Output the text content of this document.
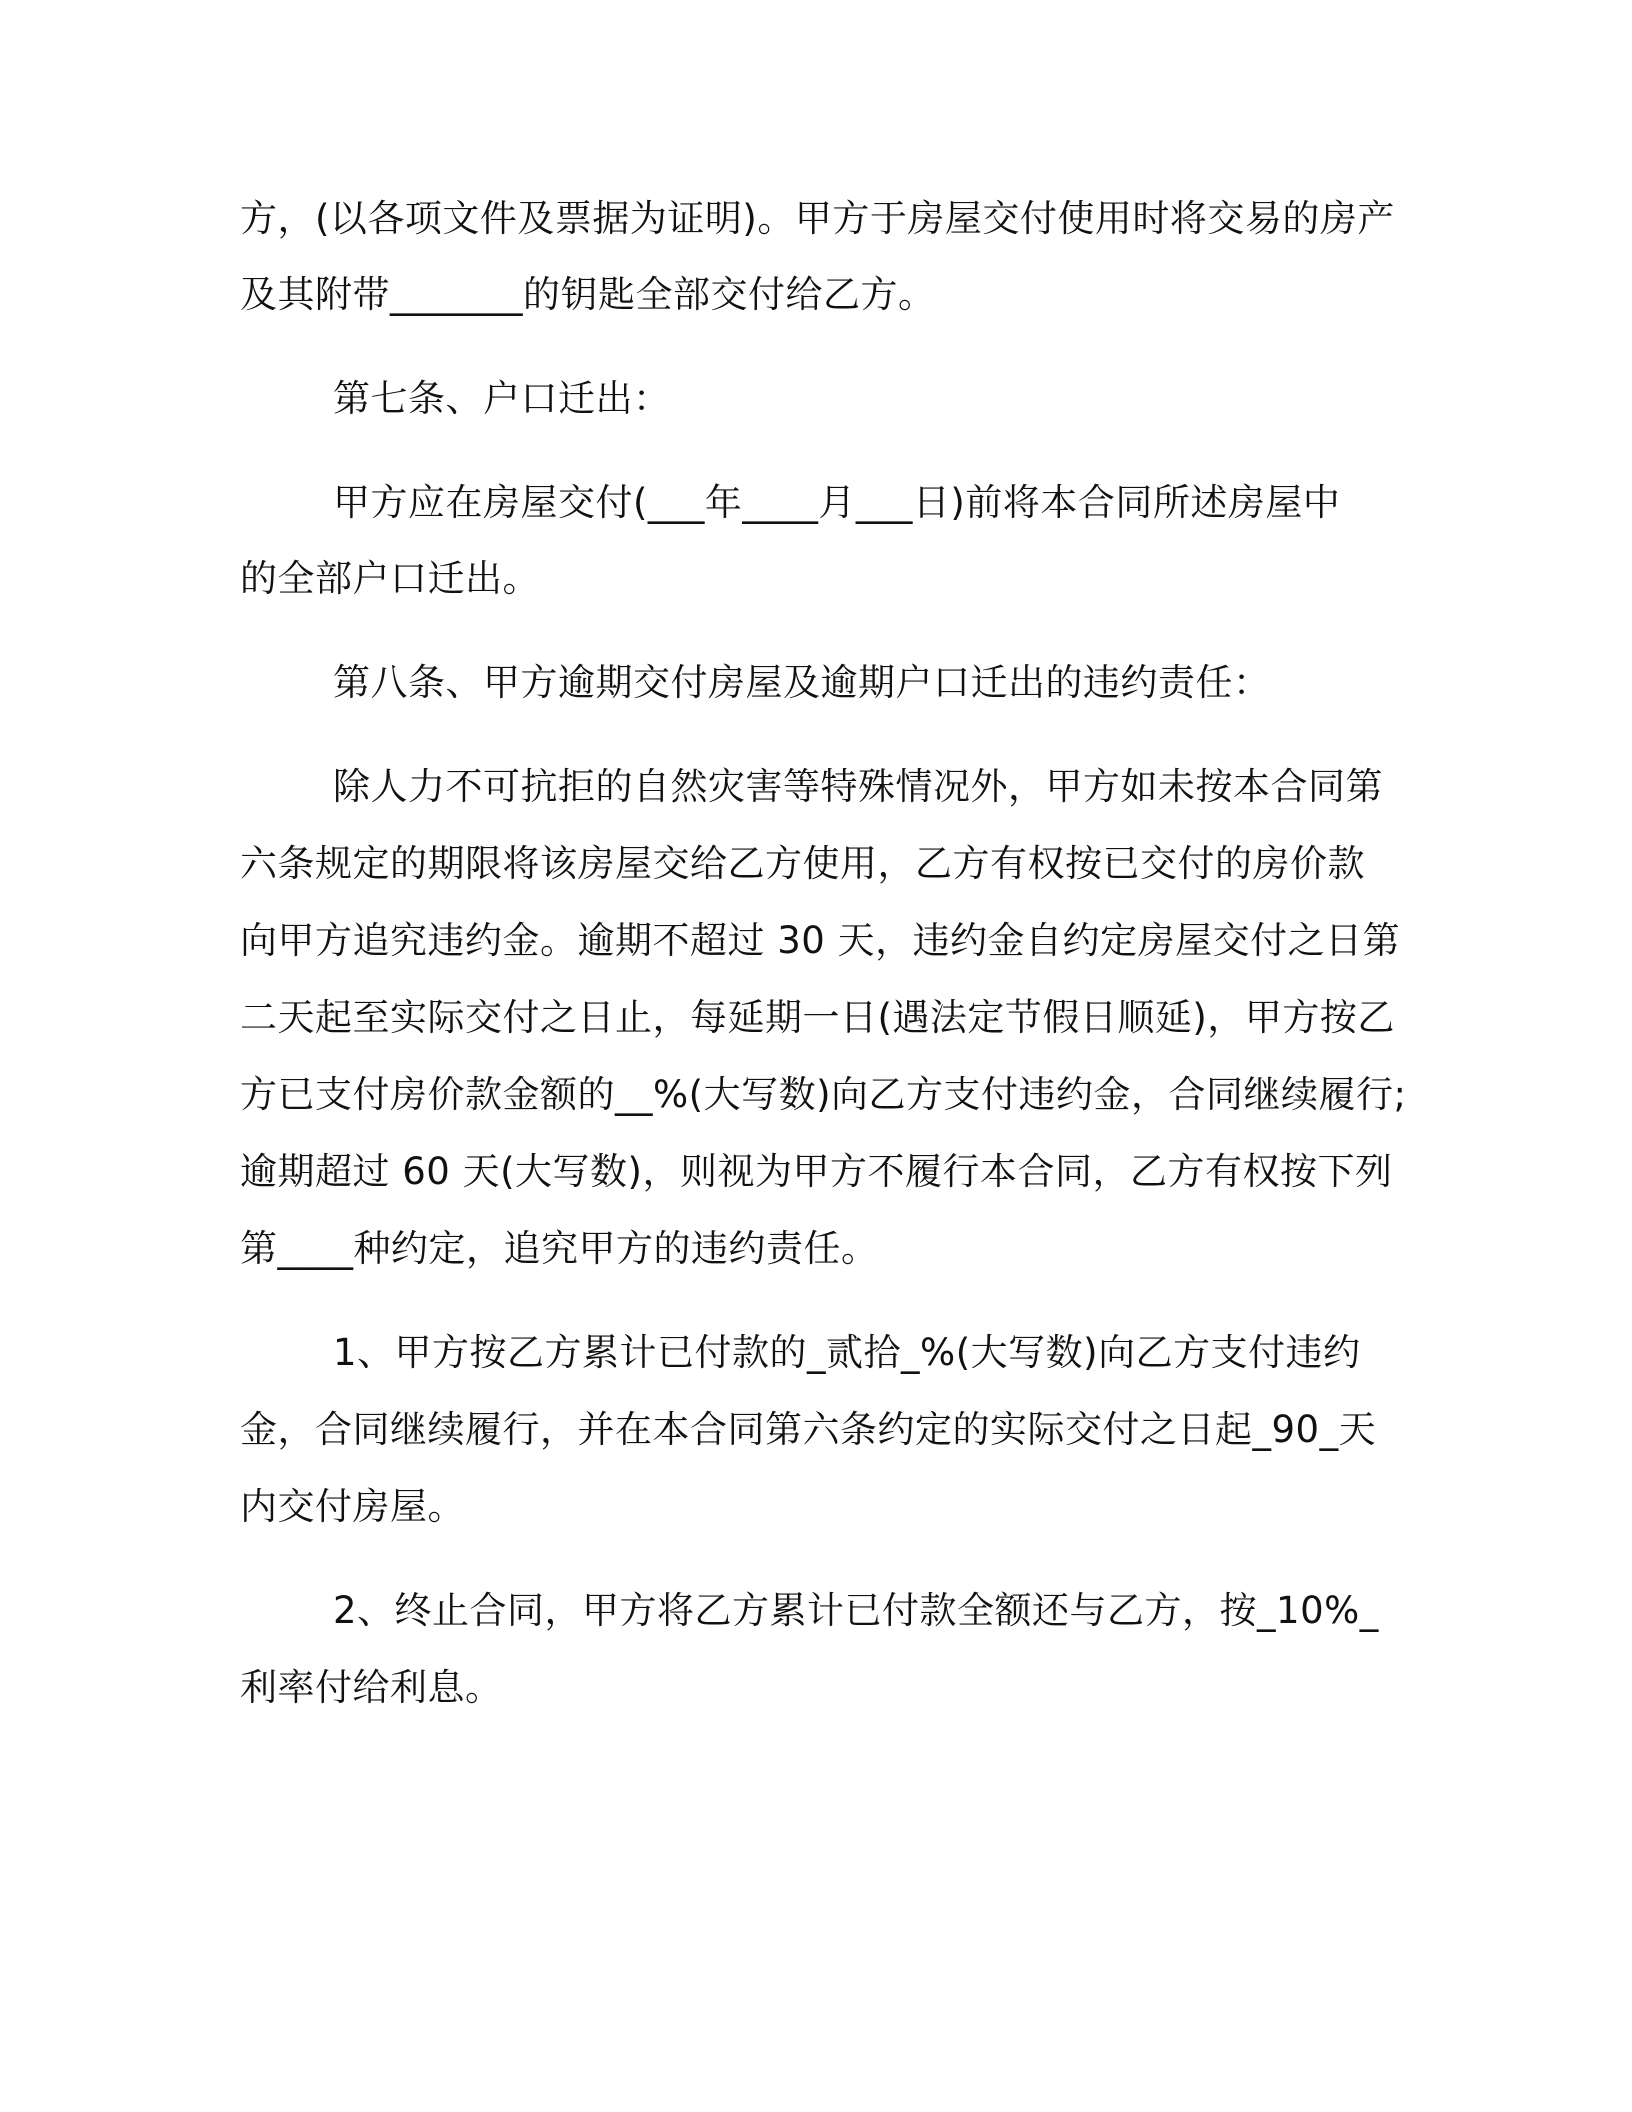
方，(以各项文件及票据为证明)。甲方于房屋交付使用时将交易的房产
及其附带_______的钥匙全部交付给乙方。
第七条、户口迁出：
甲方应在房屋交付(___年____月___日)前将本合同所述房屋中
的全部户口迁出。
第八条、甲方逾期交付房屋及逾期户口迁出的违约责任：
除人力不可抗拒的自然灾害等特殊情况外，甲方如未按本合同第
六条规定的期限将该房屋交给乙方使用，乙方有权按已交付的房价款
向甲方追究违约金。逾期不超过 30 天，违约金自约定房屋交付之日第
二天起至实际交付之日止，每延期一日(遇法定节假日顺延)，甲方按乙
方已支付房价款金额的__%(大写数)向乙方支付违约金，合同继续履行;
逾期超过 60 天(大写数)，则视为甲方不履行本合同，乙方有权按下列
第____种约定，追究甲方的违约责任。
1、甲方按乙方累计已付款的_贰拾_%(大写数)向乙方支付违约
金，合同继续履行，并在本合同第六条约定的实际交付之日起_90_天
内交付房屋。
2、终止合同，甲方将乙方累计已付款全额还与乙方，按_10%_
利率付给利息。
